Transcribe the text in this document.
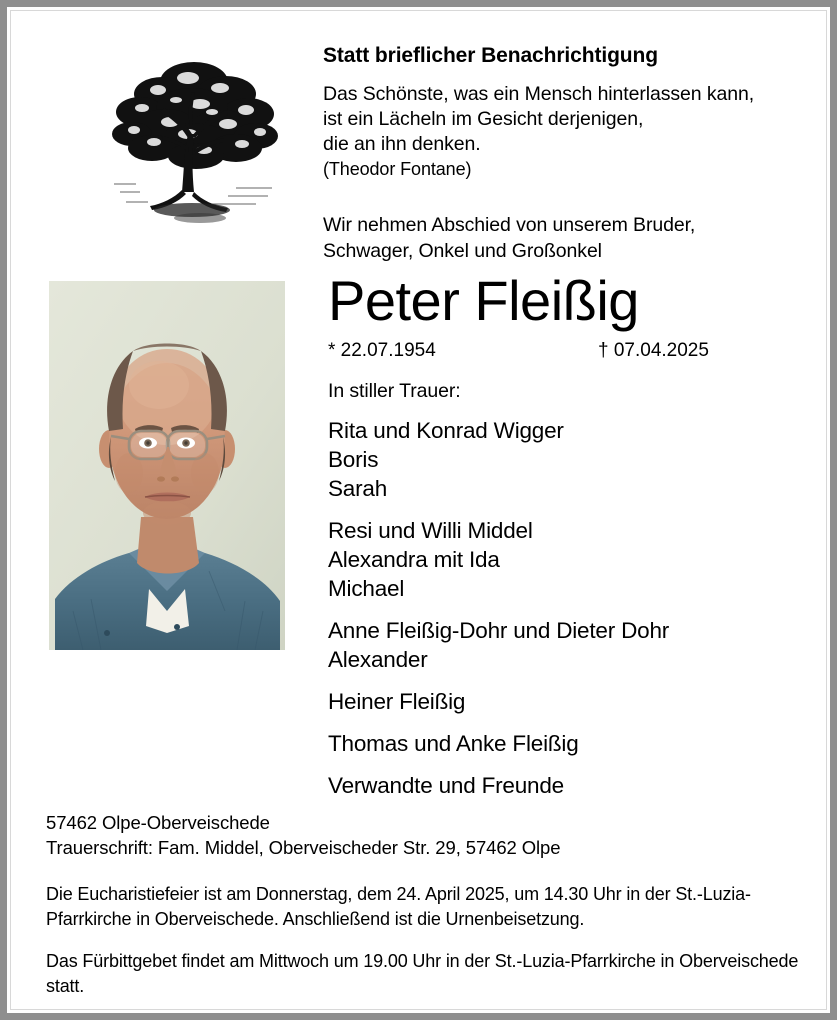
Statt brieflicher Benachrichtigung
Das Schönste, was ein Mensch hinterlassen kann,
ist ein Lächeln im Gesicht derjenigen,
die an ihn denken.
(Theodor Fontane)
Wir nehmen Abschied von unserem Bruder,
Schwager, Onkel und Großonkel
Peter Fleißig
* 22.07.1954	† 07.04.2025
In stiller Trauer:
Rita und Konrad Wigger
Boris
Sarah
Resi und Willi Middel
Alexandra mit Ida
Michael
Anne Fleißig-Dohr und Dieter Dohr
Alexander
Heiner Fleißig
Thomas und Anke Fleißig
Verwandte und Freunde
57462 Olpe-Oberveischede
Trauerschrift: Fam. Middel, Oberveischeder Str. 29, 57462 Olpe

Die Eucharistiefeier ist am Donnerstag, dem 24. April 2025, um 14.30 Uhr in der St.-Luzia-Pfarrkirche in Oberveischede. Anschließend ist die Urnenbeisetzung.

Das Fürbittgebet findet am Mittwoch um 19.00 Uhr in der St.-Luzia-Pfarrkirche in Oberveischede statt.
